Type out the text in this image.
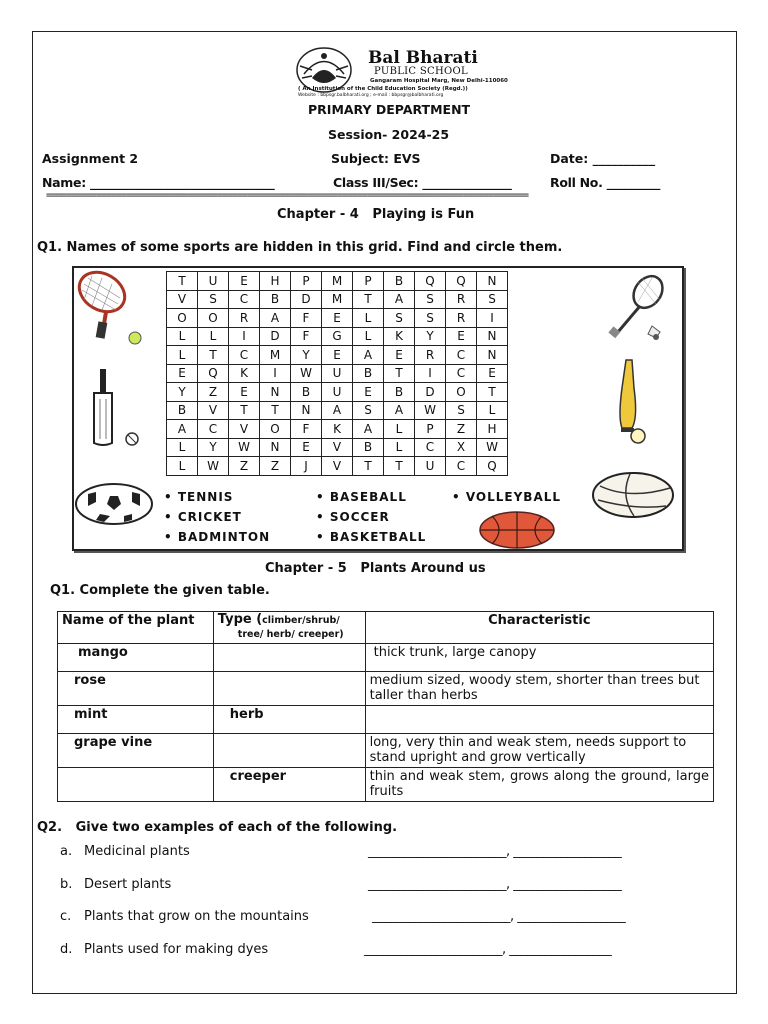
Bal Bharati
PUBLIC SCHOOL
Gangaram Hospital Marg, New Delhi-110060
( An Institution of the Child Education Society (Regd.))
Website : bbpsgr.balbharati.org ; e-mail : bbpsgr@balbharati.org
PRIMARY DEPARTMENT
Session- 2024-25
Assignment 2	Subject: EVS	Date: __________
Name: _______________________________	Class III/Sec: _______________	Roll No. _________
================================================================================================
Chapter - 4   Playing is Fun
Q1. Names of some sports are hidden in this grid. Find and circle them.
T	U	E	H	P	M	P	B	Q	Q	N
V	S	C	B	D	M	T	A	S	R	S
O	O	R	A	F	E	L	S	S	R	I
L	L	I	D	F	G	L	K	Y	E	N
L	T	C	M	Y	E	A	E	R	C	N
E	Q	K	I	W	U	B	T	I	C	E
Y	Z	E	N	B	U	E	B	D	O	T
B	V	T	T	N	A	S	A	W	S	L
A	C	V	O	F	K	A	L	P	Z	H
L	Y	W	N	E	V	B	L	C	X	W
L	W	Z	Z	J	V	T	T	U	C	Q
• TENNIS	• BASEBALL	• VOLLEYBALL
• CRICKET	• SOCCER
• BADMINTON	• BASKETBALL
Chapter - 5   Plants Around us
Q1. Complete the given table.
Name of the plant	Type (climber/shrub/
tree/ herb/ creeper)	Characteristic
mango		thick trunk, large canopy
rose		medium sized, woody stem, shorter than trees but taller than herbs
mint	herb	
grape vine		long, very thin and weak stem, needs support to stand upright and grow vertically
	creeper	thin and weak stem, grows along the ground, large fruits
Q2.   Give two examples of each of the following.
a. Medicinal plants	_______________________, __________________
b. Desert plants	_______________________, __________________
c. Plants that grow on the mountains	_______________________, __________________
d. Plants used for making dyes	_______________________, _________________
